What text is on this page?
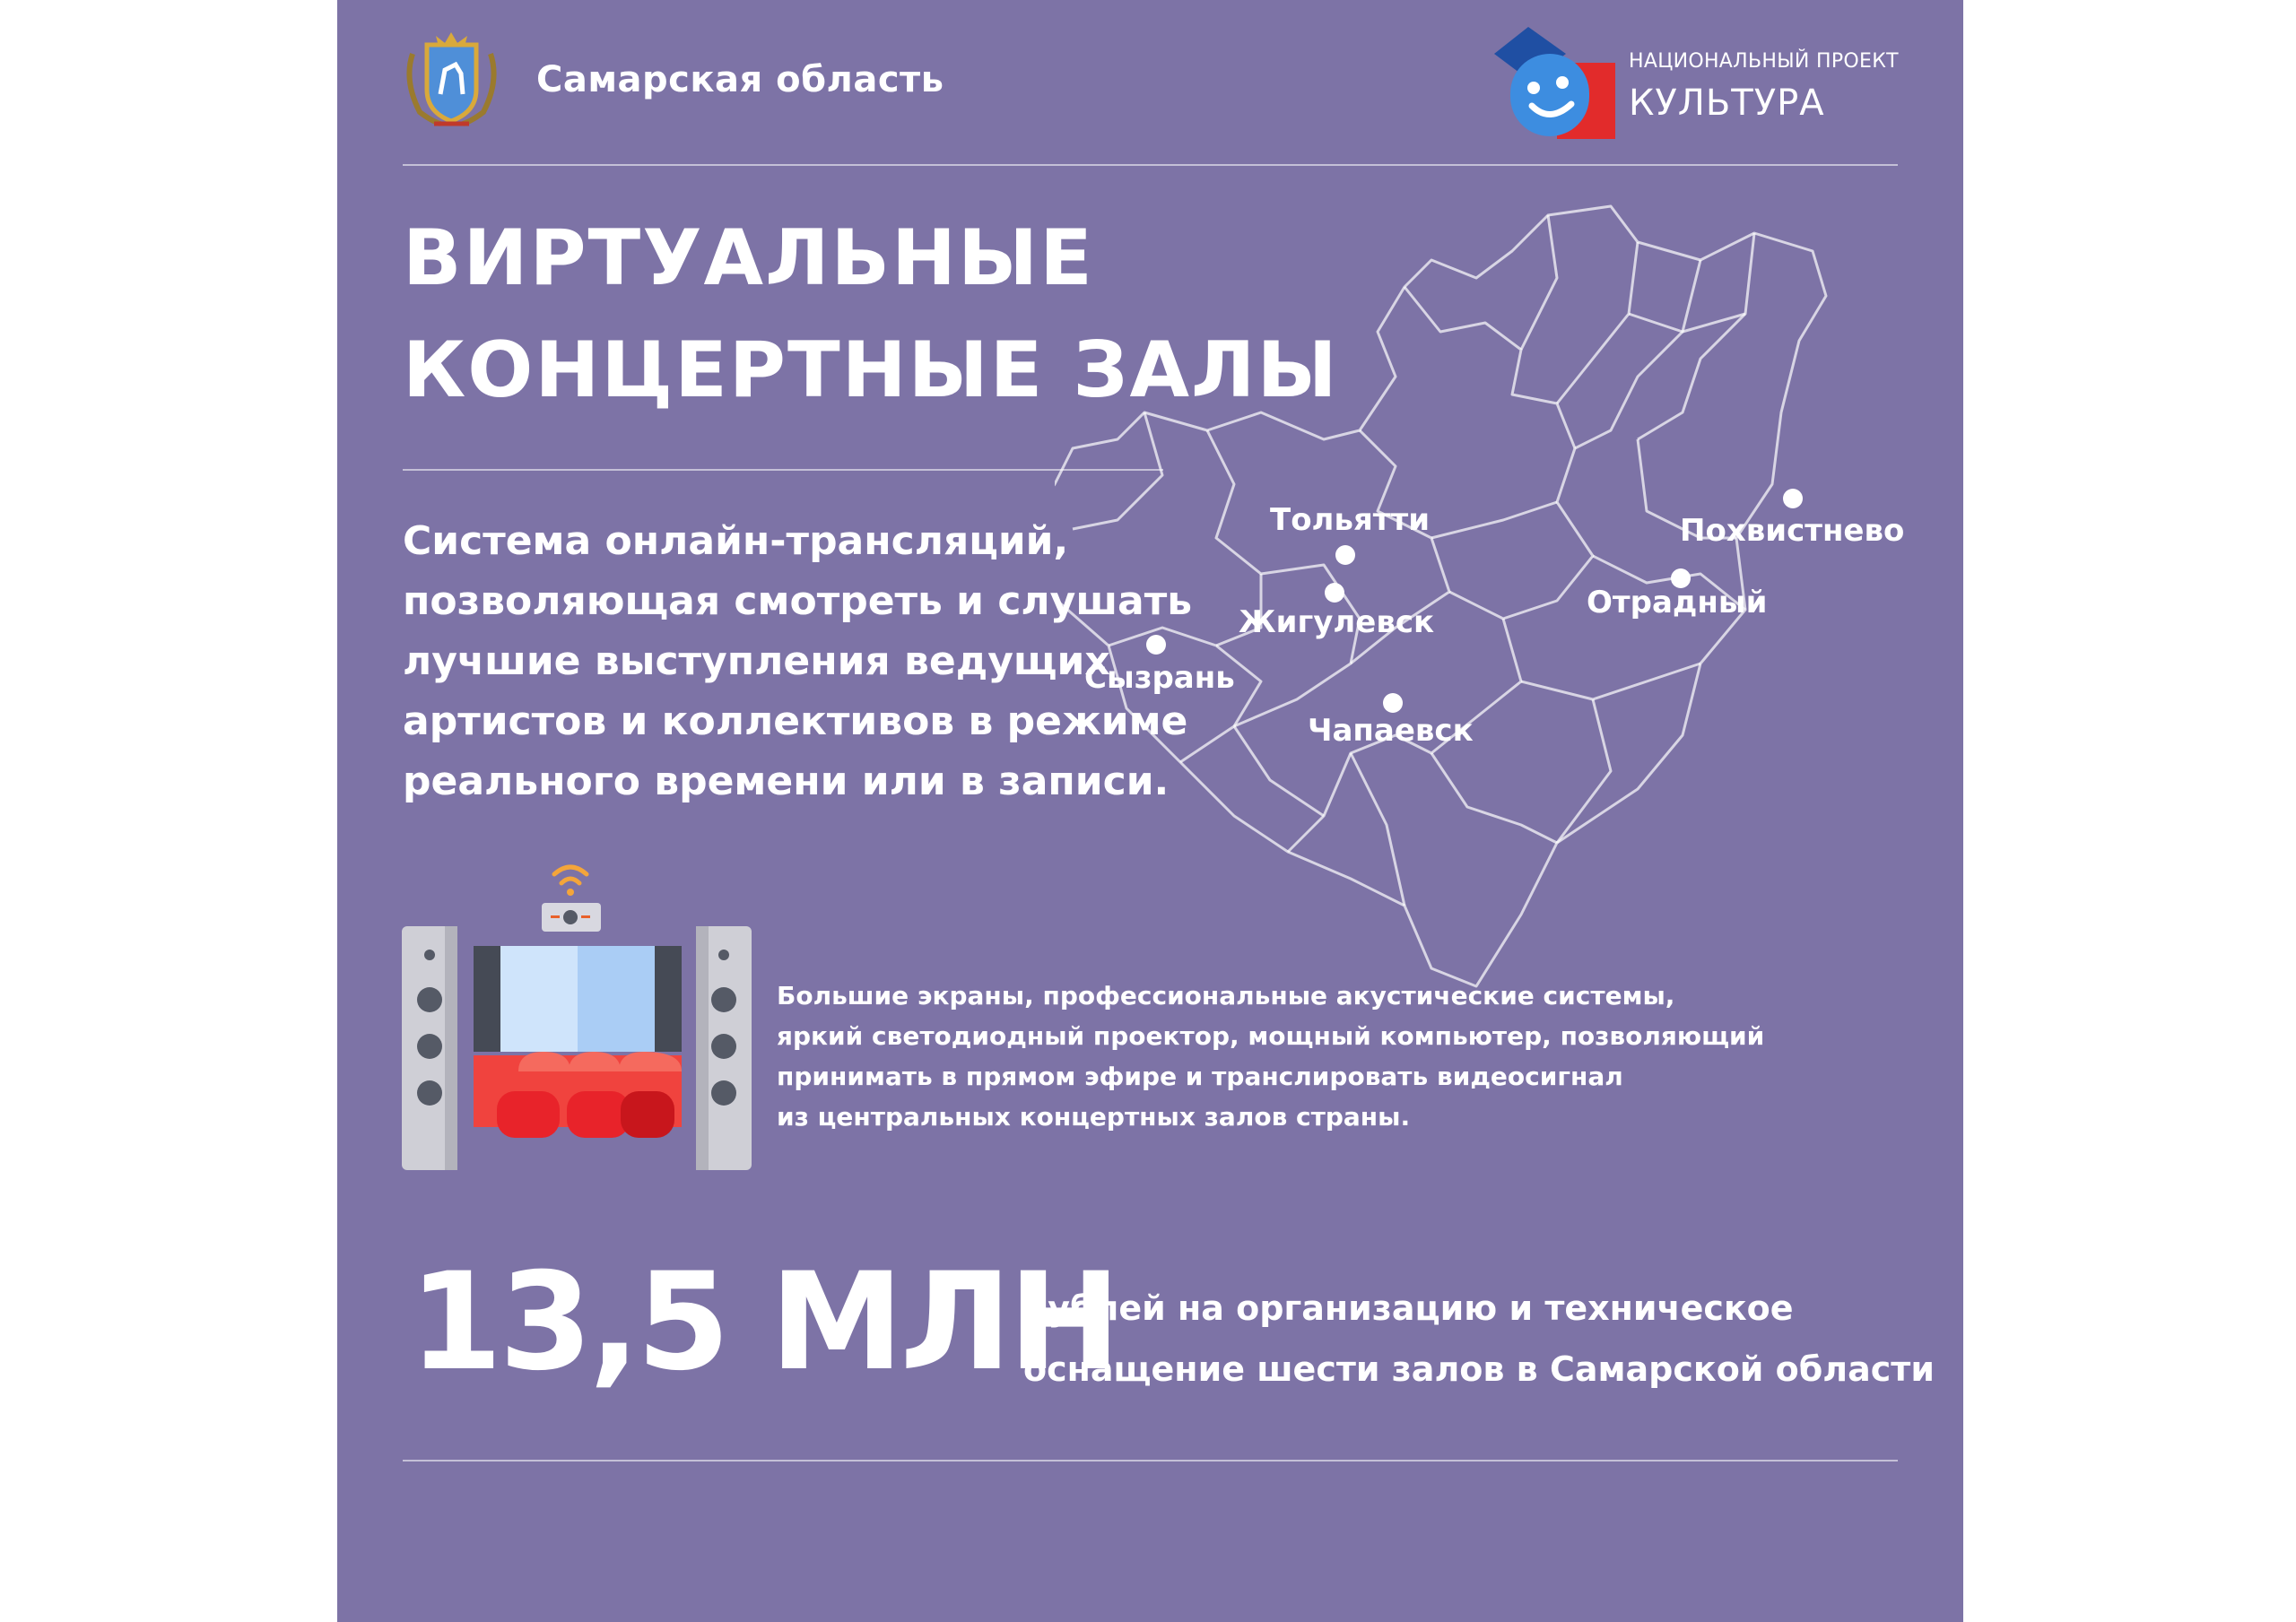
Самарская область	НАЦИОНАЛЬНЫЙ ПРОЕКТ
КУЛЬТУРА
ВИРТУАЛЬНЫЕ
КОНЦЕРТНЫЕ ЗАЛЫ
Тольятти
Жигулевск
Сызрань
Чапаевск
Отрадный
Похвистнево
Система онлайн-трансляций,
позволяющая смотреть и слушать
лучшие выступления ведущих
артистов и коллективов в режиме
реального времени или в записи.
Большие экраны, профессиональные акустические системы,
яркий светодиодный проектор, мощный компьютер, позволяющий
принимать в прямом эфире и транслировать видеосигнал
из центральных концертных залов страны.
13,5 МЛН
рублей на организацию и техническое
оснащение шести залов в Самарской области
